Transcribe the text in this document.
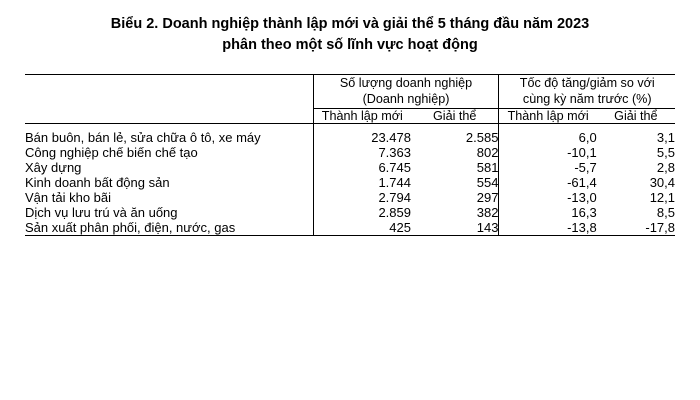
Biểu 2. Doanh nghiệp thành lập mới và giải thể 5 tháng đầu năm 2023
phân theo một số lĩnh vực hoạt động

Số lượng doanh nghiệp
(Doanh nghiệp)

Tốc độ tăng/giảm so với
cùng kỳ năm trước (%)

	Thành lập mới	Giải thể	Thành lập mới	Giải thể

Bán buôn, bán lẻ, sửa chữa ô tô, xe máy	23.478	2.585	6,0	3,1
Công nghiệp chế biến chế tạo	7.363	802	-10,1	5,5
Xây dựng	6.745	581	-5,7	2,8
Kinh doanh bất động sản	1.744	554	-61,4	30,4
Vận tải kho bãi	2.794	297	-13,0	12,1
Dịch vụ lưu trú và ăn uống	2.859	382	16,3	8,5
Sản xuất phân phối, điện, nước, gas	425	143	-13,8	-17,8
